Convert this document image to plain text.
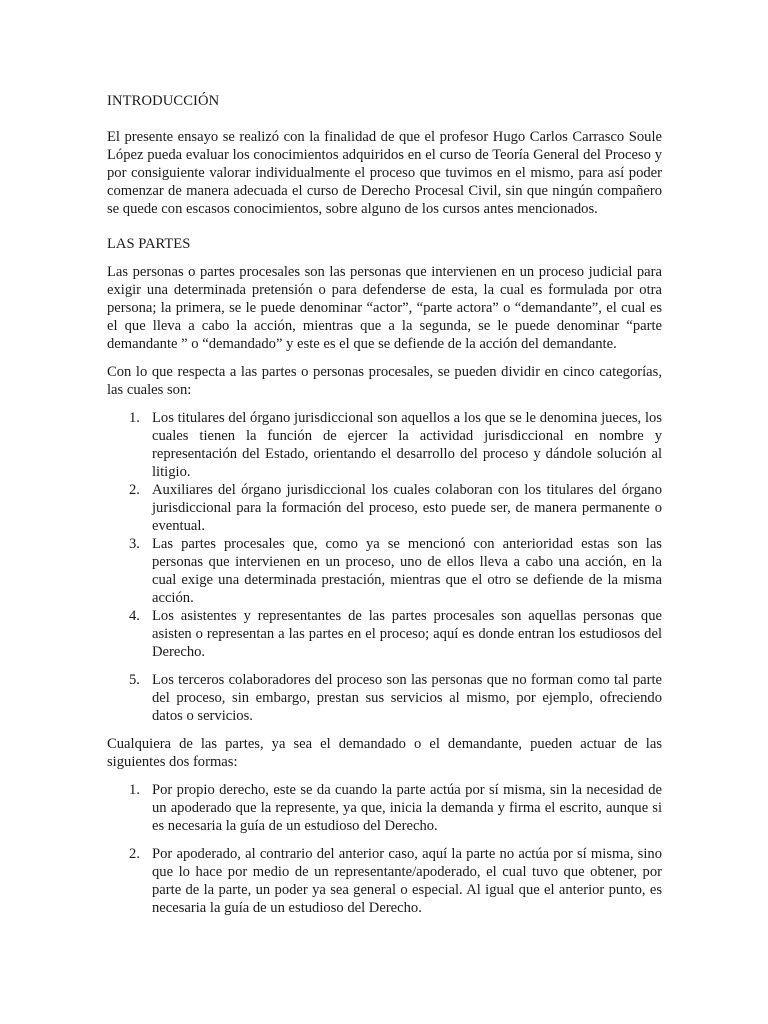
INTRODUCCIÓN

El presente ensayo se realizó con la finalidad de que el profesor Hugo Carlos Carrasco Soule López pueda evaluar los conocimientos adquiridos en el curso de Teoría General del Proceso y por consiguiente valorar individualmente el proceso que tuvimos en el mismo, para así poder comenzar de manera adecuada el curso de Derecho Procesal Civil, sin que ningún compañero se quede con escasos conocimientos, sobre alguno de los cursos antes mencionados.

LAS PARTES

Las personas o partes procesales son las personas que intervienen en un proceso judicial para exigir una determinada pretensión o para defenderse de esta, la cual es formulada por otra persona; la primera, se le puede denominar “actor”, “parte actora” o “demandante”, el cual es el que lleva a cabo la acción, mientras que a la segunda, se le puede denominar “parte demandante ” o “demandado” y este es el que se defiende de la acción del demandante.

Con lo que respecta a las partes o personas procesales, se pueden dividir en cinco categorías, las cuales son:

1. Los titulares del órgano jurisdiccional son aquellos a los que se le denomina jueces, los cuales tienen la función de ejercer la actividad jurisdiccional en nombre y representación del Estado, orientando el desarrollo del proceso y dándole solución al litigio.
2. Auxiliares del órgano jurisdiccional los cuales colaboran con los titulares del órgano jurisdiccional para la formación del proceso, esto puede ser, de manera permanente o eventual.
3. Las partes procesales que, como ya se mencionó con anterioridad estas son las personas que intervienen en un proceso, uno de ellos lleva a cabo una acción, en la cual exige una determinada prestación, mientras que el otro se defiende de la misma acción.
4. Los asistentes y representantes de las partes procesales son aquellas personas que asisten o representan a las partes en el proceso; aquí es donde entran los estudiosos del Derecho.
5. Los terceros colaboradores del proceso son las personas que no forman como tal parte del proceso, sin embargo, prestan sus servicios al mismo, por ejemplo, ofreciendo datos o servicios.

Cualquiera de las partes, ya sea el demandado o el demandante, pueden actuar de las siguientes dos formas:

1. Por propio derecho, este se da cuando la parte actúa por sí misma, sin la necesidad de un apoderado que la represente, ya que, inicia la demanda y firma el escrito, aunque si es necesaria la guía de un estudioso del Derecho.
2. Por apoderado, al contrario del anterior caso, aquí la parte no actúa por sí misma, sino que lo hace por medio de un representante/apoderado, el cual tuvo que obtener, por parte de la parte, un poder ya sea general o especial. Al igual que el anterior punto, es necesaria la guía de un estudioso del Derecho.
